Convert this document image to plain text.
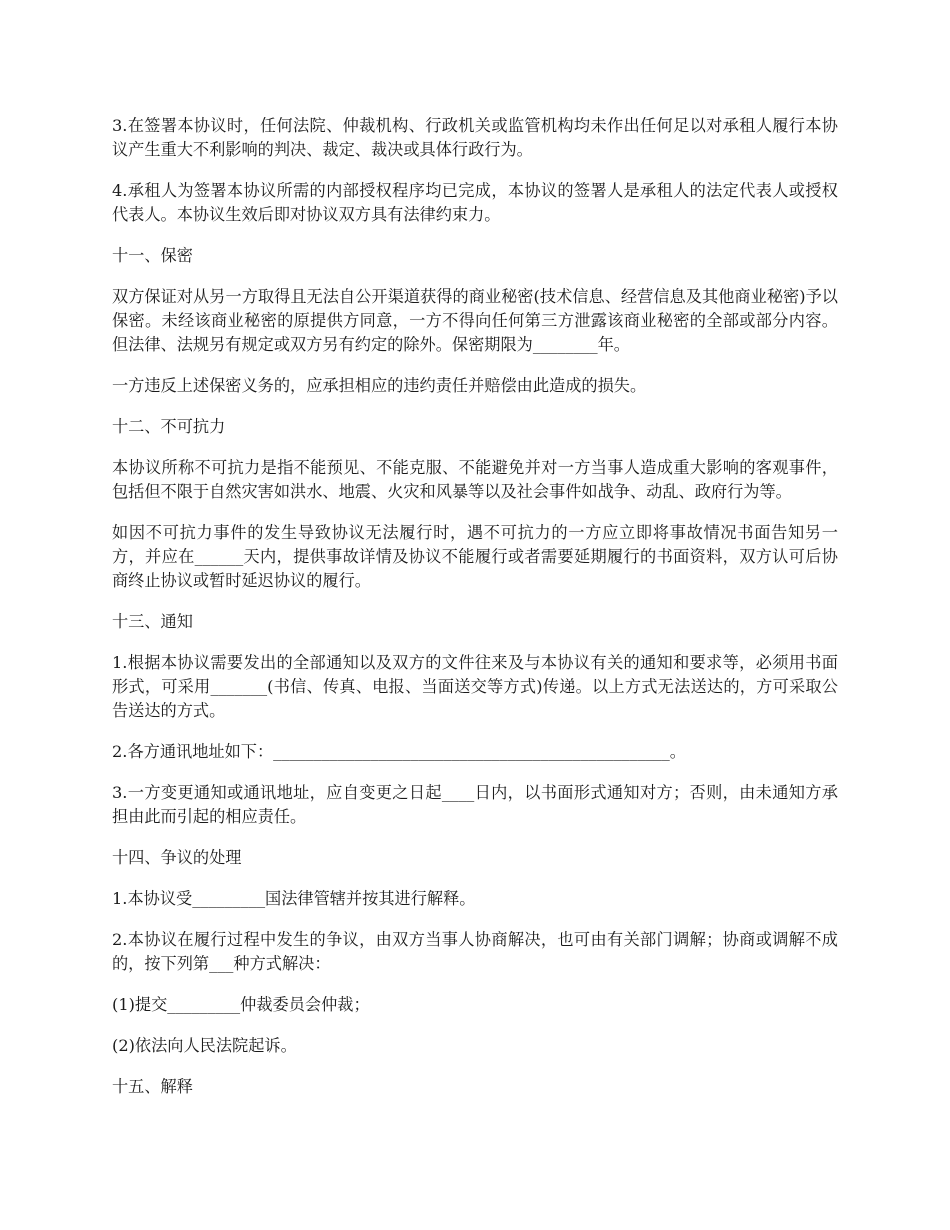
3.在签署本协议时，任何法院、仲裁机构、行政机关或监管机构均未作出任何足以对承租人履行本协议产生重大不利影响的判决、裁定、裁决或具体行政行为。

4.承租人为签署本协议所需的内部授权程序均已完成，本协议的签署人是承租人的法定代表人或授权代表人。本协议生效后即对协议双方具有法律约束力。

十一、保密

双方保证对从另一方取得且无法自公开渠道获得的商业秘密(技术信息、经营信息及其他商业秘密)予以保密。未经该商业秘密的原提供方同意，一方不得向任何第三方泄露该商业秘密的全部或部分内容。但法律、法规另有规定或双方另有约定的除外。保密期限为________年。

一方违反上述保密义务的，应承担相应的违约责任并赔偿由此造成的损失。

十二、不可抗力

本协议所称不可抗力是指不能预见、不能克服、不能避免并对一方当事人造成重大影响的客观事件，包括但不限于自然灾害如洪水、地震、火灾和风暴等以及社会事件如战争、动乱、政府行为等。

如因不可抗力事件的发生导致协议无法履行时，遇不可抗力的一方应立即将事故情况书面告知另一方，并应在______天内，提供事故详情及协议不能履行或者需要延期履行的书面资料，双方认可后协商终止协议或暂时延迟协议的履行。

十三、通知

1.根据本协议需要发出的全部通知以及双方的文件往来及与本协议有关的通知和要求等，必须用书面形式，可采用_______(书信、传真、电报、当面送交等方式)传递。以上方式无法送达的，方可采取公告送达的方式。

2.各方通讯地址如下：_________________________________________________。

3.一方变更通知或通讯地址，应自变更之日起____日内，以书面形式通知对方；否则，由未通知方承担由此而引起的相应责任。

十四、争议的处理

1.本协议受_________国法律管辖并按其进行解释。

2.本协议在履行过程中发生的争议，由双方当事人协商解决，也可由有关部门调解；协商或调解不成的，按下列第___种方式解决：

(1)提交_________仲裁委员会仲裁；

(2)依法向人民法院起诉。

十五、解释
